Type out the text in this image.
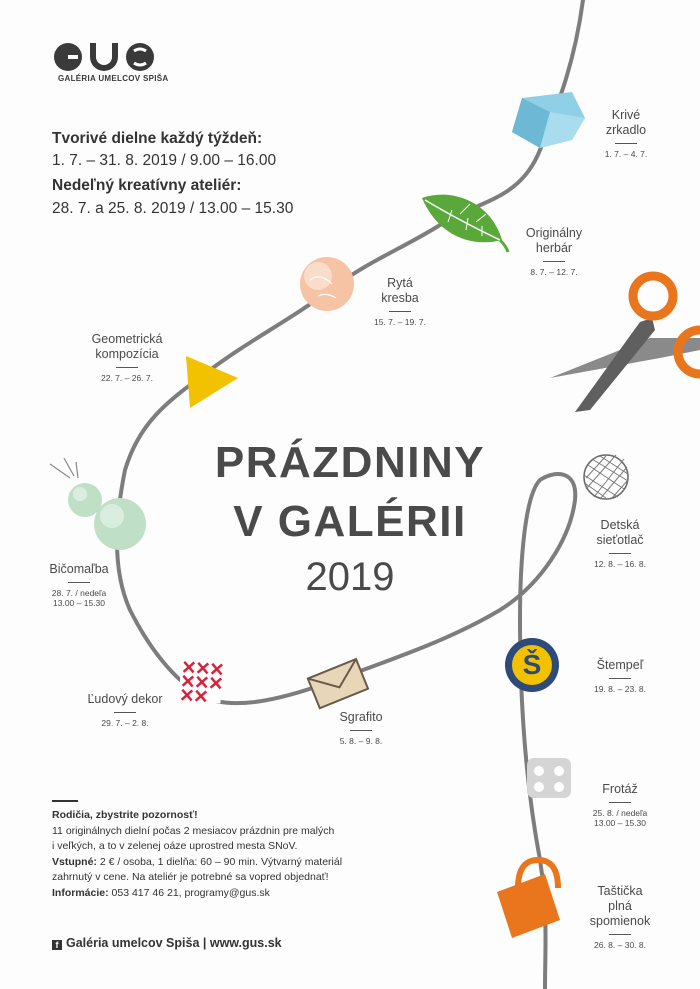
Š
GALÉRIA UMELCOV SPIŠA
Tvorivé dielne každý týždeň:
1. 7. – 31. 8. 2019 / 9.00 – 16.00
Nedeľný kreatívny ateliér:
28. 7. a 25. 8. 2019 / 13.00 – 15.30
PRÁZDNINY
V GALÉRII
2019
Krivé
zrkadlo
1. 7. – 4. 7.
Originálny
herbár
8. 7. – 12. 7.
Rytá
kresba
15. 7. – 19. 7.
Geometrická
kompozícia
22. 7. – 26. 7.
Bičomaľba
28. 7. / nedeľa
13.00 – 15.30
Ľudový dekor
29. 7. – 2. 8.	Sgrafito
5. 8. – 9. 8.
Detská
sieťotlač
12. 8. – 16. 8.
Štempeľ
19. 8. – 23. 8.
Frotáž
25. 8. / nedeľa
13.00 – 15.30
Taštička
plná
spomienok
26. 8. – 30. 8.
Rodičia, zbystrite pozornosť!
11 originálnych dielní počas 2 mesiacov prázdnin pre malých
i veľkých, a to v zelenej oáze uprostred mesta SNoV.
Vstupné: 2 € / osoba, 1 dielňa: 60 – 90 min. Výtvarný materiál
zahrnutý v cene. Na ateliér je potrebné sa vopred objednať!
Informácie: 053 417 46 21, programy@gus.sk
f Galéria umelcov Spiša | www.gus.sk
